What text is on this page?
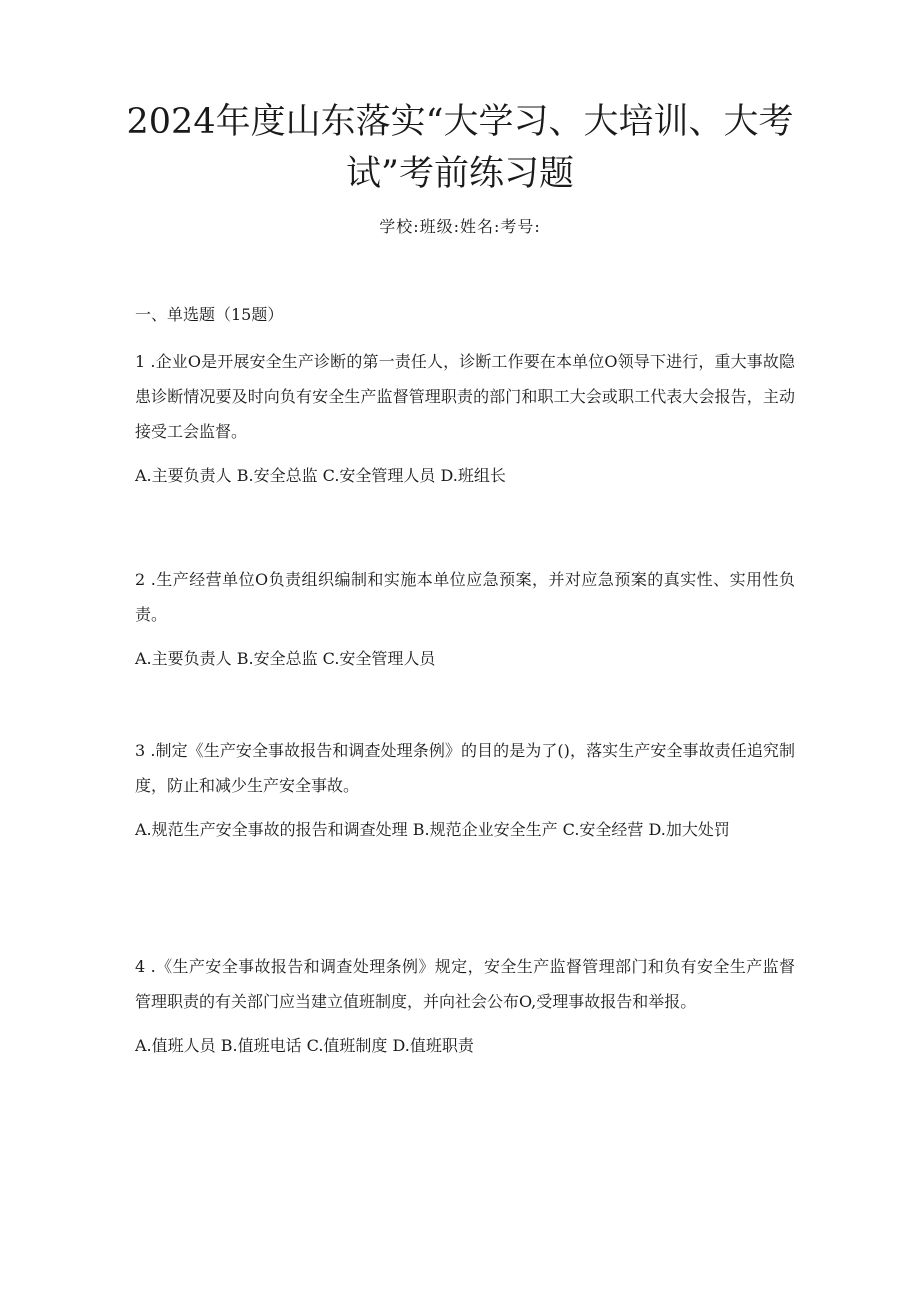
2024年度山东落实“大学习、大培训、大考
试”考前练习题
学校:班级:姓名:考号:
一、单选题（15题）

1 .企业O是开展安全生产诊断的第一责任人，诊断工作要在本单位O领导下进行，重大事故隐患诊断情况要及时向负有安全生产监督管理职责的部门和职工大会或职工代表大会报告，主动接受工会监督。

A.主要负责人 B.安全总监 C.安全管理人员 D.班组长

2 .生产经营单位O负责组织编制和实施本单位应急预案，并对应急预案的真实性、实用性负责。

A.主要负责人 B.安全总监 C.安全管理人员

3 .制定《生产安全事故报告和调查处理条例》的目的是为了()，落实生产安全事故责任追究制度，防止和减少生产安全事故。

A.规范生产安全事故的报告和调查处理 B.规范企业安全生产 C.安全经营 D.加大处罚

4 .《生产安全事故报告和调查处理条例》规定，安全生产监督管理部门和负有安全生产监督管理职责的有关部门应当建立值班制度，并向社会公布O,受理事故报告和举报。

A.值班人员 B.值班电话 C.值班制度 D.值班职责
